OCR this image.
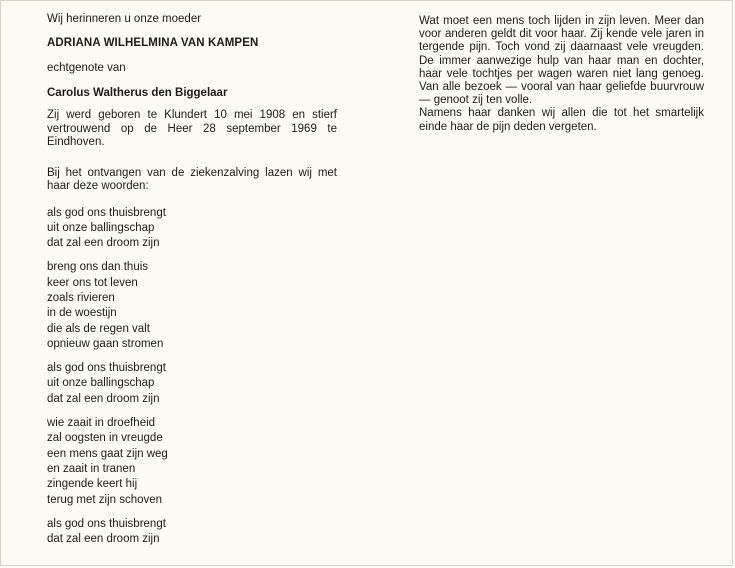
Wij herinneren u onze moeder
ADRIANA WILHELMINA VAN KAMPEN
echtgenote van
Carolus Waltherus den Biggelaar
Zij werd geboren te Klundert 10 mei 1908 en stierf vertrouwend op de Heer 28 september 1969 te Eindhoven.
Bij het ontvangen van de ziekenzalving lazen wij met haar deze woorden:
als god ons thuisbrengt
uit onze ballingschap
dat zal een droom zijn
breng ons dan thuis
keer ons tot leven
zoals rivieren
in de woestijn
die als de regen valt
opnieuw gaan stromen
als god ons thuisbrengt
uit onze ballingschap
dat zal een droom zijn
wie zaait in droefheid
zal oogsten in vreugde
een mens gaat zijn weg
en zaait in tranen
zingende keert hij
terug met zijn schoven
als god ons thuisbrengt
dat zal een droom zijn

Wat moet een mens toch lijden in zijn leven. Meer dan voor anderen geldt dit voor haar. Zij kende vele jaren in tergende pijn. Toch vond zij daarnaast vele vreugden. De immer aanwezige hulp van haar man en dochter, haar vele tochtjes per wagen waren niet lang genoeg. Van alle bezoek — vooral van haar geliefde buurvrouw — genoot zij ten volle.

Namens haar danken wij allen die tot het smartelijk einde haar de pijn deden vergeten.
